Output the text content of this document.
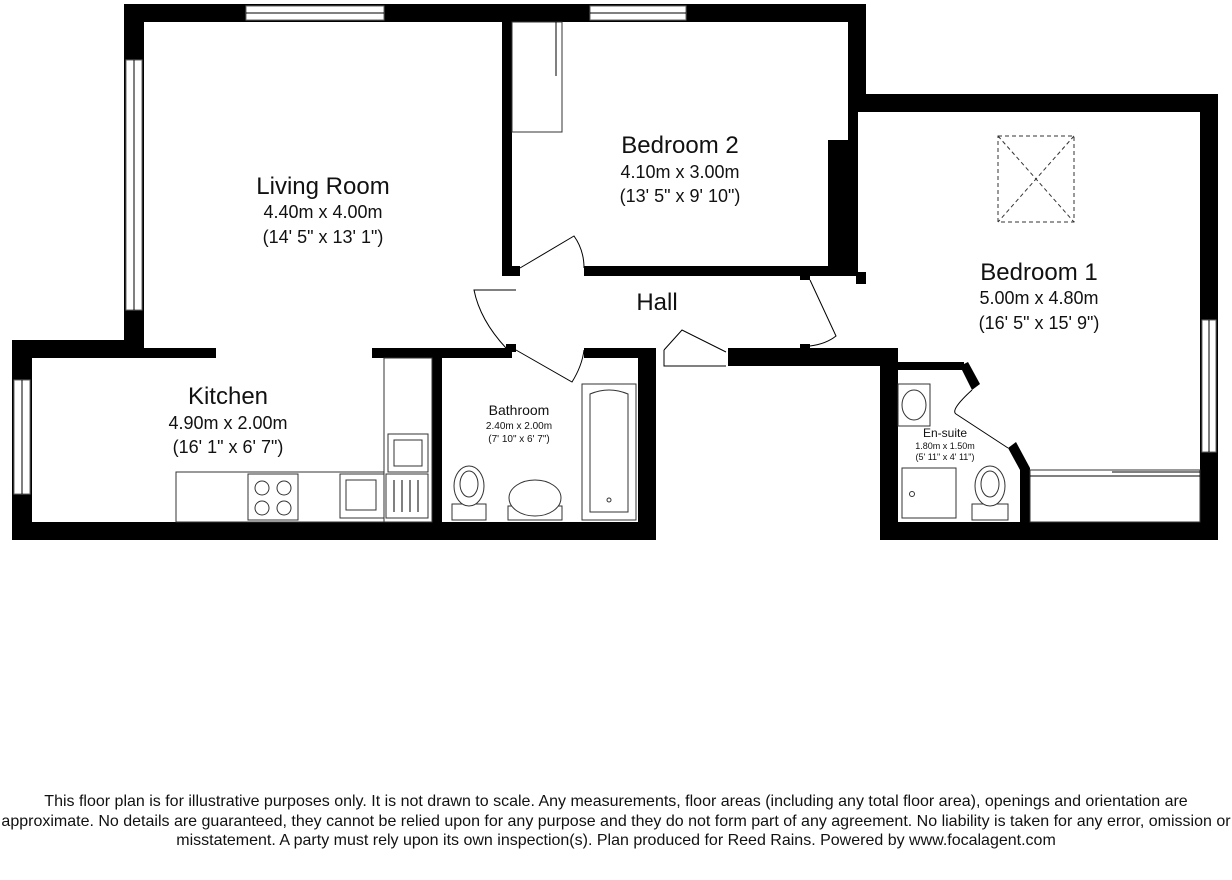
Living Room
4.40m x 4.00m
(14' 5" x 13' 1")
Bedroom 2
4.10m x 3.00m
(13' 5" x 9' 10")
Bedroom 1
5.00m x 4.80m
(16' 5" x 15' 9")
Hall
Kitchen
4.90m x 2.00m
(16' 1" x 6' 7")
Bathroom
2.40m x 2.00m
(7' 10" x 6' 7")	En-suite
1.80m x 1.50m
(5' 11" x 4' 11")
This floor plan is for illustrative purposes only. It is not drawn to scale. Any measurements, floor areas (including any total floor area), openings and orientation are approximate. No details are guaranteed, they cannot be relied upon for any purpose and they do not form part of any agreement. No liability is taken for any error, omission or misstatement. A party must rely upon its own inspection(s). Plan produced for Reed Rains. Powered by www.focalagent.com
